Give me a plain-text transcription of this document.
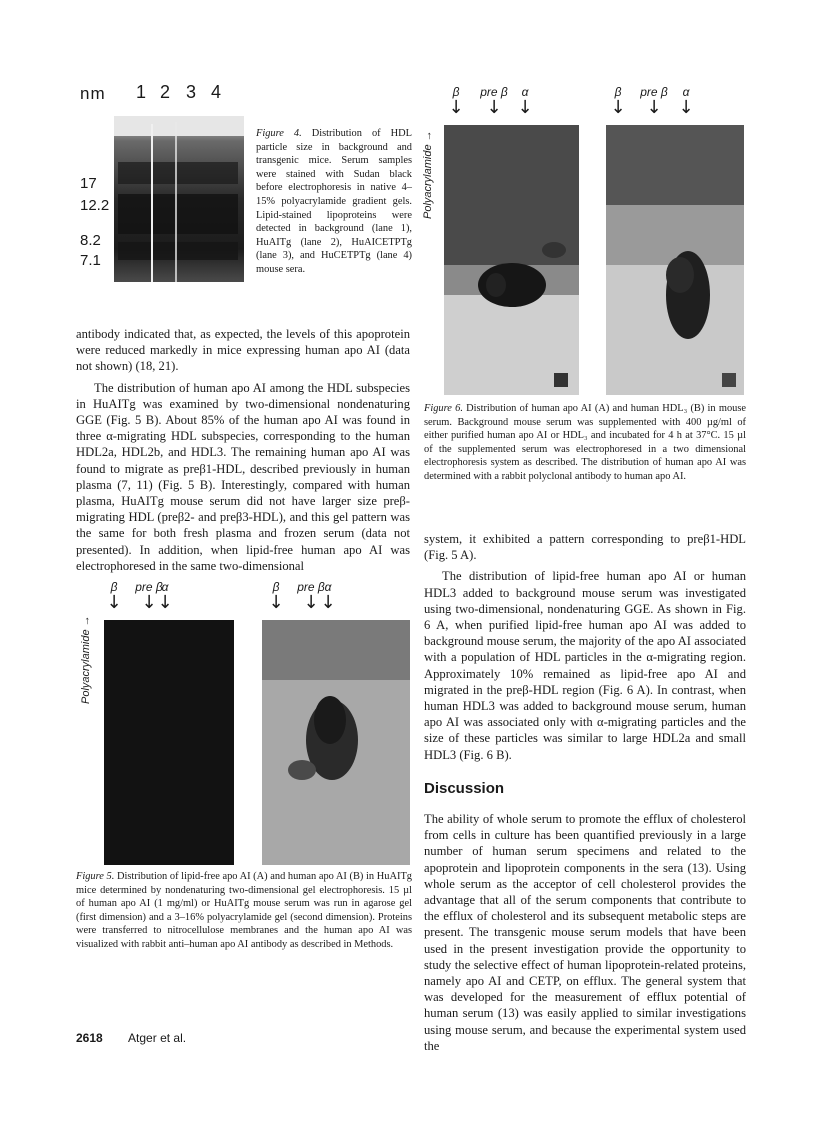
nm 1 2 3 4
17
12.2
8.2
7.1
Figure 4. Distribution of HDL particle size in background and transgenic mice. Serum samples were stained with Sudan black before electrophoresis in native 4–15% polyacrylamide gradient gels. Lipid-stained lipoproteins were detected in background (lane 1), HuAITg (lane 2), HuAICETPTg (lane 3), and HuCETPTg (lane 4) mouse sera.
β
↓
pre β
↓
α
↓
β
↓
pre β
↓
α
↓
Polyacrylamide →
Figure 6. Distribution of human apo AI (A) and human HDL₃ (B) in mouse serum. Background mouse serum was supplemented with 400 µg/ml of either purified human apo AI or HDL₃ and incubated for 4 h at 37°C. 15 µl of the supplemented serum was electrophoresed in a two dimensional electrophoresis system as described. The distribution of human apo AI was determined with a rabbit polyclonal antibody to human apo AI.

antibody indicated that, as expected, the levels of this apoprotein were reduced markedly in mice expressing human apo AI (data not shown) (18, 21).

The distribution of human apo AI among the HDL subspecies in HuAITg was examined by two-dimensional nondenaturing GGE (Fig. 5 B). About 85% of the human apo AI was found in three α-migrating HDL subspecies, corresponding to the human HDL2a, HDL2b, and HDL3. The remaining human apo AI was found to migrate as preβ1-HDL, described previously in human plasma (7, 11) (Fig. 5 B). Interestingly, compared with human plasma, HuAITg mouse serum did not have larger size preβ-migrating HDL (preβ2- and preβ3-HDL), and this gel pattern was the same for both fresh plasma and frozen serum (data not presented). In addition, when lipid-free human apo AI was electrophoresed in the same two-dimensional

β
↓
pre β
↓
α
↓
β
↓
pre β
↓
α
↓
Polyacrylamide →
Figure 5. Distribution of lipid-free apo AI (A) and human apo AI (B) in HuAITg mice determined by nondenaturing two-dimensional gel electrophoresis. 15 µl of human apo AI (1 mg/ml) or HuAITg mouse serum was run in agarose gel (first dimension) and a 3–16% polyacrylamide gel (second dimension). Proteins were transferred to nitrocellulose membranes and the human apo AI was visualized with rabbit anti–human apo AI antibody as described in Methods.

system, it exhibited a pattern corresponding to preβ1-HDL (Fig. 5 A).

The distribution of lipid-free human apo AI or human HDL3 added to background mouse serum was investigated using two-dimensional, nondenaturing GGE. As shown in Fig. 6 A, when purified lipid-free human apo AI was added to background mouse serum, the majority of the apo AI associated with a population of HDL particles in the α-migrating region. Approximately 10% remained as lipid-free apo AI and migrated in the preβ-HDL region (Fig. 6 A). In contrast, when human HDL3 was added to background mouse serum, human apo AI was associated only with α-migrating particles and the size of these particles was similar to large HDL2a and small HDL3 (Fig. 6 B).

Discussion

The ability of whole serum to promote the efflux of cholesterol from cells in culture has been quantified previously in a large number of human serum specimens and related to the apoprotein and lipoprotein components in the sera (13). Using whole serum as the acceptor of cell cholesterol provides the advantage that all of the serum components that contribute to the efflux of cholesterol and its subsequent metabolic steps are present. The transgenic mouse serum models that have been used in the present investigation provide the opportunity to study the selective effect of human lipoprotein-related proteins, namely apo AI and CETP, on efflux. The general system that was developed for the measurement of efflux potential of human serum (13) was easily applied to similar investigations using mouse serum, and because the experimental system used the

2618 Atger et al.
